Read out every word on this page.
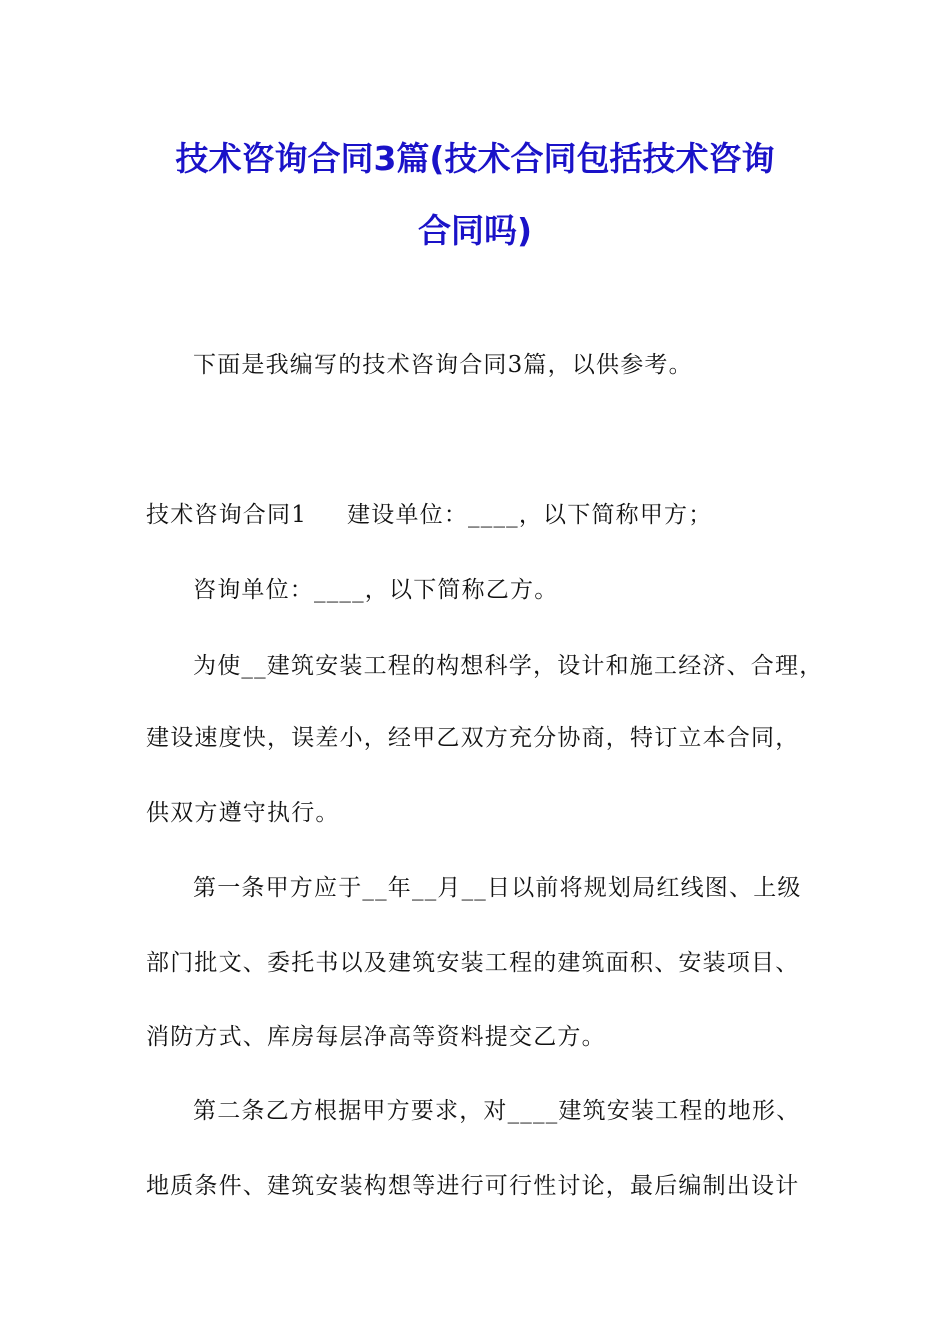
技术咨询合同3篇(技术合同包括技术咨询
合同吗)
下面是我编写的技术咨询合同3篇，以供参考。
技术咨询合同1 建设单位：____，以下简称甲方；
咨询单位：____，以下简称乙方。
为使__建筑安装工程的构想科学，设计和施工经济、合理，
建设速度快，误差小，经甲乙双方充分协商，特订立本合同，
供双方遵守执行。
第一条甲方应于__年__月__日以前将规划局红线图、上级
部门批文、委托书以及建筑安装工程的建筑面积、安装项目、
消防方式、库房每层净高等资料提交乙方。
第二条乙方根据甲方要求，对____建筑安装工程的地形、
地质条件、建筑安装构想等进行可行性讨论，最后编制出设计
